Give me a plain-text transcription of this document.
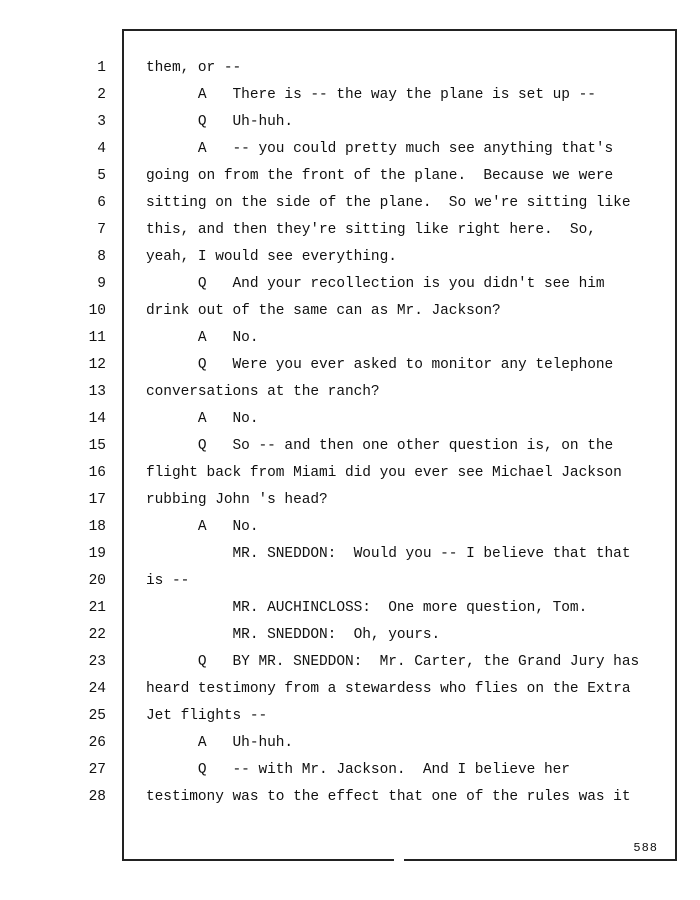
1	them, or --
2	A   There is -- the way the plane is set up --
3	Q   Uh-huh.
4	A   -- you could pretty much see anything that's
5	going on from the front of the plane.  Because we were
6	sitting on the side of the plane.  So we're sitting like
7	this, and then they're sitting like right here.  So,
8	yeah, I would see everything.
9	Q   And your recollection is you didn't see him
10	drink out of the same can as Mr. Jackson?
11	A   No.
12	Q   Were you ever asked to monitor any telephone
13	conversations at the ranch?
14	A   No.
15	Q   So -- and then one other question is, on the
16	flight back from Miami did you ever see Michael Jackson
17	rubbing John 's head?
18	A   No.
19	MR. SNEDDON:  Would you -- I believe that that
20	is --
21	MR. AUCHINCLOSS:  One more question, Tom.
22	MR. SNEDDON:  Oh, yours.
23	Q   BY MR. SNEDDON:  Mr. Carter, the Grand Jury has
24	heard testimony from a stewardess who flies on the Extra
25	Jet flights --
26	A   Uh-huh.
27	Q   -- with Mr. Jackson.  And I believe her
28	testimony was to the effect that one of the rules was it
588
